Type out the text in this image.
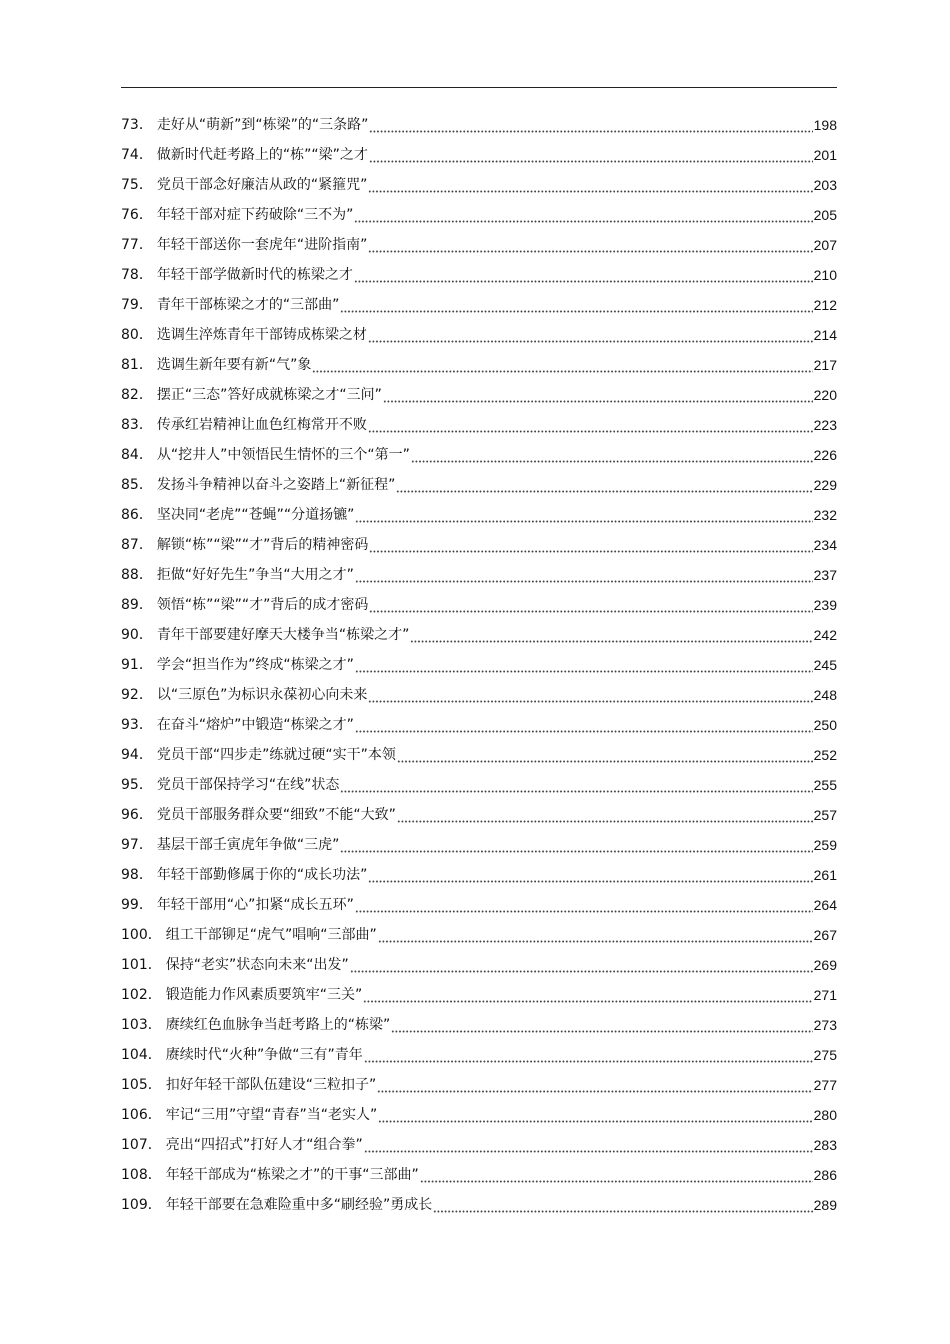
73． 走好从“萌新”到“栋梁”的“三条路”	198
74． 做新时代赶考路上的“栋”“梁”之才	201
75． 党员干部念好廉洁从政的“紧箍咒”	203
76． 年轻干部对症下药破除“三不为”	205
77． 年轻干部送你一套虎年“进阶指南”	207
78． 年轻干部学做新时代的栋梁之才	210
79． 青年干部栋梁之才的“三部曲”	212
80． 选调生淬炼青年干部铸成栋梁之材	214
81． 选调生新年要有新“气”象	217
82． 摆正“三态”答好成就栋梁之才“三问”	220
83． 传承红岩精神让血色红梅常开不败	223
84． 从“挖井人”中领悟民生情怀的三个“第一”	226
85． 发扬斗争精神以奋斗之姿踏上“新征程”	229
86． 坚决同“老虎”“苍蝇”“分道扬镳”	232
87． 解锁“栋”“梁”“才”背后的精神密码	234
88． 拒做“好好先生”争当“大用之才”	237
89． 领悟“栋”“梁”“才”背后的成才密码	239
90． 青年干部要建好摩天大楼争当“栋梁之才”	242
91． 学会“担当作为”终成“栋梁之才”	245
92． 以“三原色”为标识永葆初心向未来	248
93． 在奋斗“熔炉”中锻造“栋梁之才”	250
94． 党员干部“四步走”练就过硬“实干”本领	252
95． 党员干部保持学习“在线”状态	255
96． 党员干部服务群众要“细致”不能“大致”	257
97． 基层干部壬寅虎年争做“三虎”	259
98． 年轻干部勤修属于你的“成长功法”	261
99． 年轻干部用“心”扣紧“成长五环”	264
100． 组工干部铆足“虎气”唱响“三部曲”	267
101． 保持“老实”状态向未来“出发”	269
102． 锻造能力作风素质要筑牢“三关”	271
103． 赓续红色血脉争当赶考路上的“栋梁”	273
104． 赓续时代“火种”争做“三有”青年	275
105． 扣好年轻干部队伍建设“三粒扣子”	277
106． 牢记“三用”守望“青春”当“老实人”	280
107． 亮出“四招式”打好人才“组合拳”	283
108． 年轻干部成为“栋梁之才”的干事“三部曲”	286
109． 年轻干部要在急难险重中多“刷经验”勇成长	289
